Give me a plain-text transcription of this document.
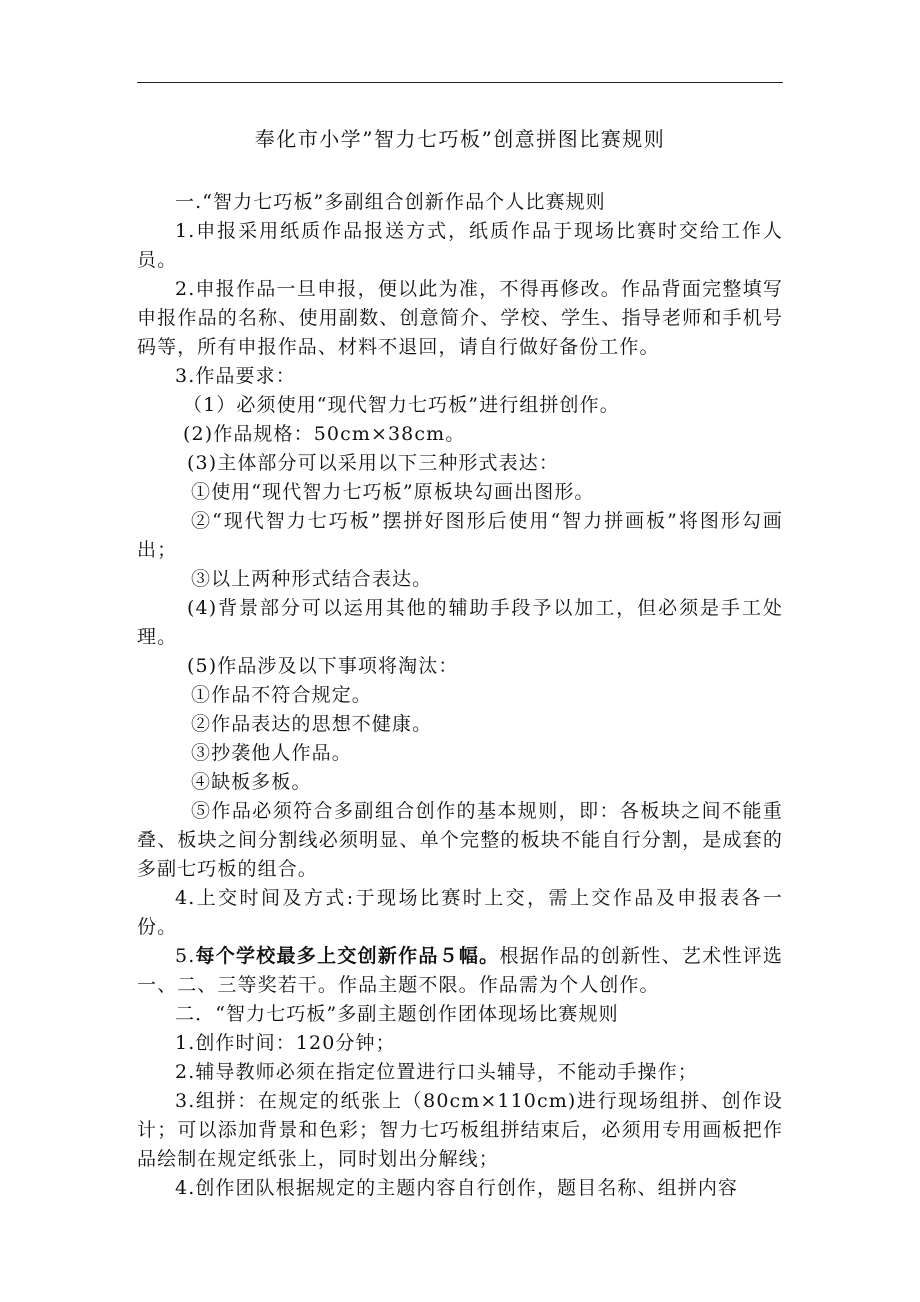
奉化市小学”智力七巧板”创意拼图比赛规则

一.“智力七巧板”多副组合创新作品个人比赛规则

1.申报采用纸质作品报送方式，纸质作品于现场比赛时交给工作人员。

2.申报作品一旦申报，便以此为准，不得再修改。作品背面完整填写申报作品的名称、使用副数、创意简介、学校、学生、指导老师和手机号码等，所有申报作品、材料不退回，请自行做好备份工作。

3.作品要求：

（1）必须使用“现代智力七巧板”进行组拼创作。

(2)作品规格：50cm×38cm。

(3)主体部分可以采用以下三种形式表达：

①使用“现代智力七巧板”原板块勾画出图形。

②“现代智力七巧板”摆拼好图形后使用“智力拼画板”将图形勾画出；

③以上两种形式结合表达。

(4)背景部分可以运用其他的辅助手段予以加工，但必须是手工处理。

(5)作品涉及以下事项将淘汰：

①作品不符合规定。

②作品表达的思想不健康。

③抄袭他人作品。

④缺板多板。

⑤作品必须符合多副组合创作的基本规则，即：各板块之间不能重叠、板块之间分割线必须明显、单个完整的板块不能自行分割，是成套的多副七巧板的组合。

4.上交时间及方式:于现场比赛时上交，需上交作品及申报表各一份。

5.每个学校最多上交创新作品５幅。根据作品的创新性、艺术性评选一、二、三等奖若干。作品主题不限。作品需为个人创作。

二．“智力七巧板”多副主题创作团体现场比赛规则

1.创作时间：120分钟；

2.辅导教师必须在指定位置进行口头辅导，不能动手操作；

3.组拼：在规定的纸张上（80cm×110cm)进行现场组拼、创作设计；可以添加背景和色彩；智力七巧板组拼结束后，必须用专用画板把作品绘制在规定纸张上，同时划出分解线；

4.创作团队根据规定的主题内容自行创作，题目名称、组拼内容
